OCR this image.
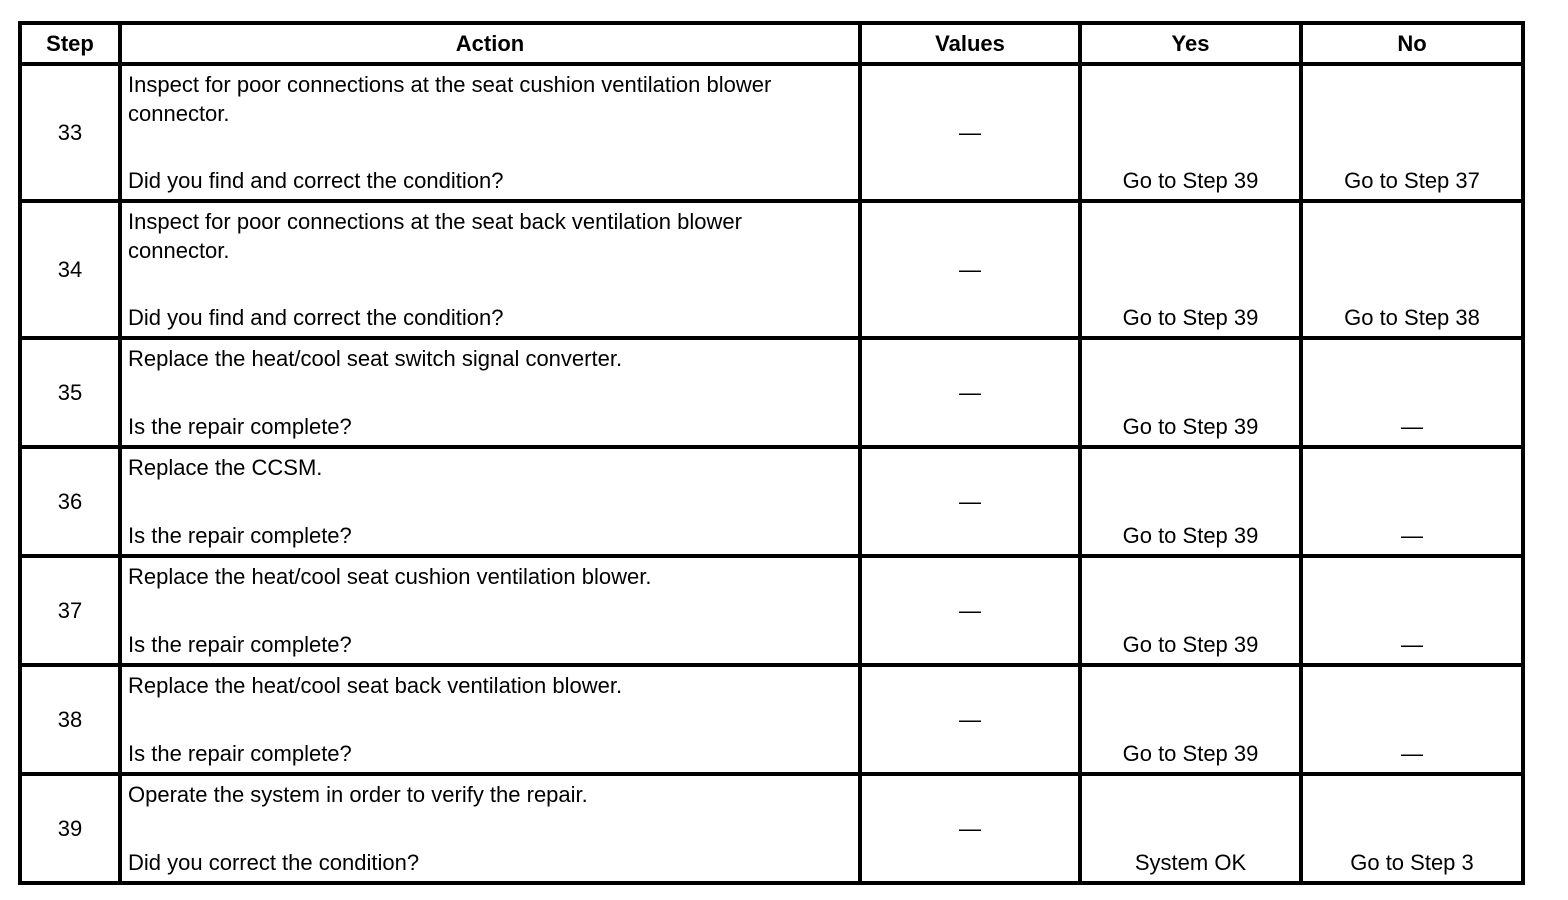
Step	Action	Values	Yes	No
33	Inspect for poor connections at the seat cushion ventilation blower connector.
Did you find and correct the condition?	—	Go to Step 39	Go to Step 37

34	Inspect for poor connections at the seat back ventilation blower connector.
Did you find and correct the condition?	—	Go to Step 39	Go to Step 38

35	Replace the heat/cool seat switch signal converter.
Is the repair complete?	—	Go to Step 39	—

36	Replace the CCSM.
Is the repair complete?	—	Go to Step 39	—

37	Replace the heat/cool seat cushion ventilation blower.
Is the repair complete?	—	Go to Step 39	—

38	Replace the heat/cool seat back ventilation blower.
Is the repair complete?	—	Go to Step 39	—

39	Operate the system in order to verify the repair.
Did you correct the condition?	—	System OK	Go to Step 3
